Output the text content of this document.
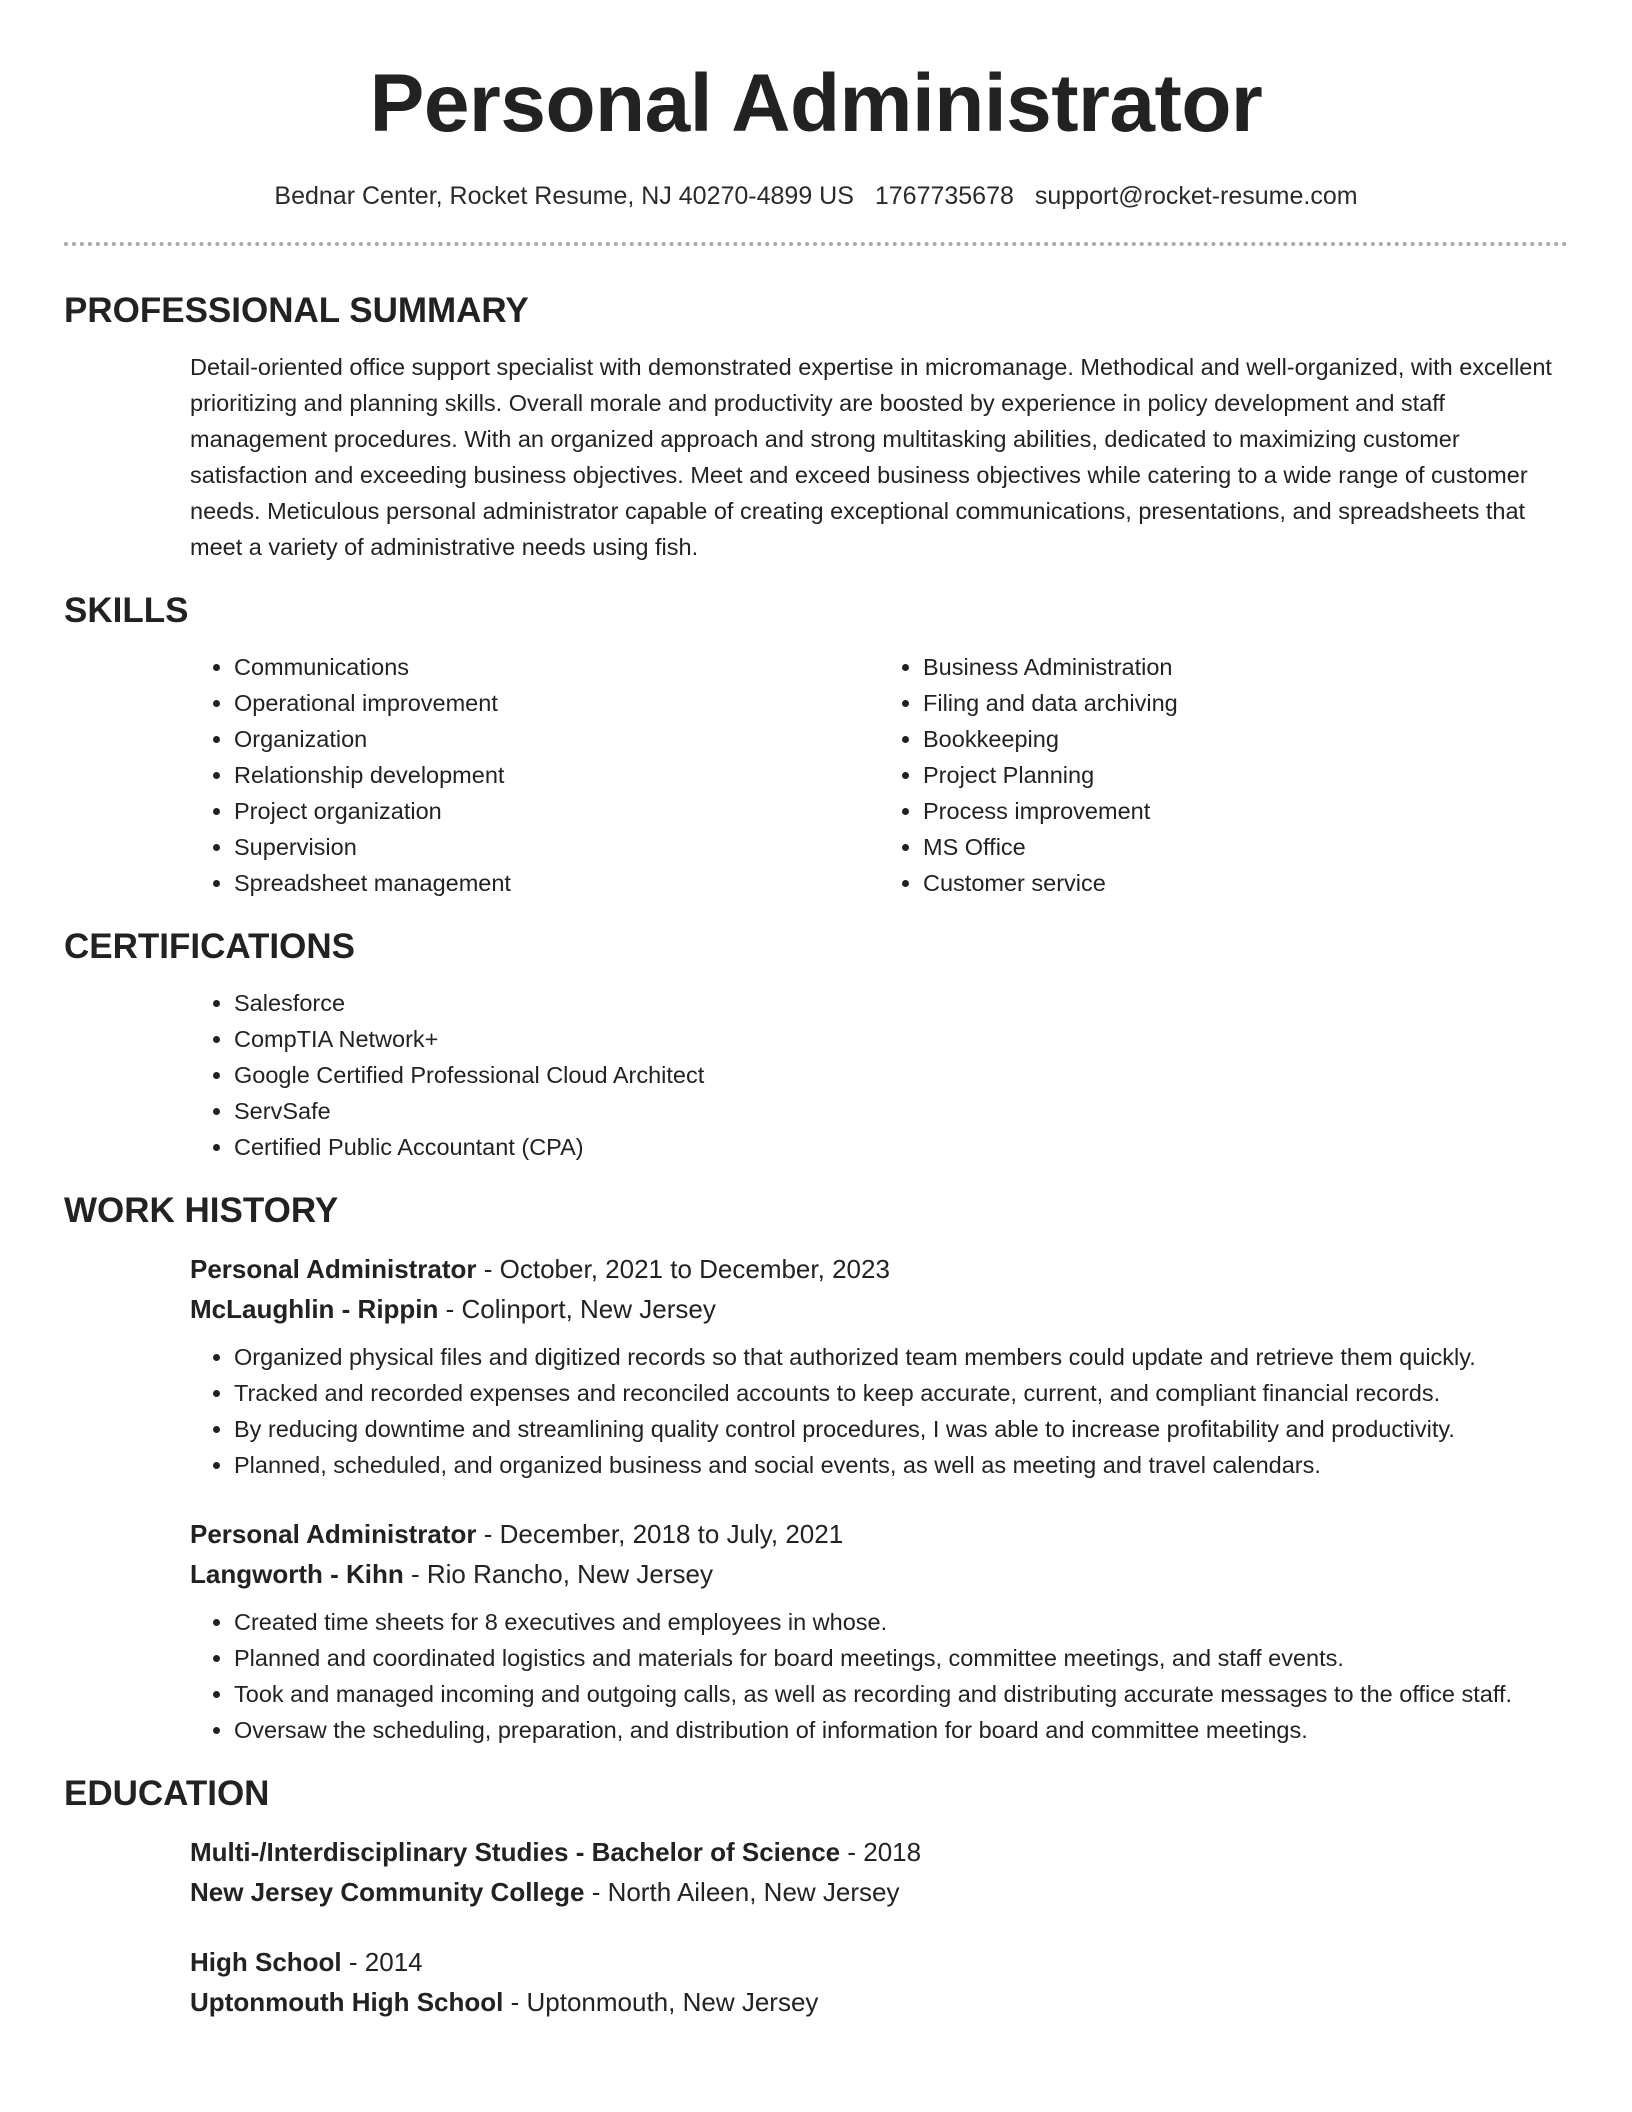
Personal Administrator
Bednar Center, Rocket Resume, NJ 40270-4899 US 1767735678 support@rocket-resume.com
PROFESSIONAL SUMMARY
Detail-oriented office support specialist with demonstrated expertise in micromanage. Methodical and well-organized, with excellent prioritizing and planning skills. Overall morale and productivity are boosted by experience in policy development and staff management procedures. With an organized approach and strong multitasking abilities, dedicated to maximizing customer satisfaction and exceeding business objectives. Meet and exceed business objectives while catering to a wide range of customer needs. Meticulous personal administrator capable of creating exceptional communications, presentations, and spreadsheets that meet a variety of administrative needs using fish.
SKILLS
• Communications
• Operational improvement
• Organization
• Relationship development
• Project organization
• Supervision
• Spreadsheet management
• Business Administration
• Filing and data archiving
• Bookkeeping
• Project Planning
• Process improvement
• MS Office
• Customer service
CERTIFICATIONS
• Salesforce
• CompTIA Network+
• Google Certified Professional Cloud Architect
• ServSafe
• Certified Public Accountant (CPA)
WORK HISTORY
Personal Administrator - October, 2021 to December, 2023
McLaughlin - Rippin - Colinport, New Jersey
• Organized physical files and digitized records so that authorized team members could update and retrieve them quickly.
• Tracked and recorded expenses and reconciled accounts to keep accurate, current, and compliant financial records.
• By reducing downtime and streamlining quality control procedures, I was able to increase profitability and productivity.
• Planned, scheduled, and organized business and social events, as well as meeting and travel calendars.
Personal Administrator - December, 2018 to July, 2021
Langworth - Kihn - Rio Rancho, New Jersey
• Created time sheets for 8 executives and employees in whose.
• Planned and coordinated logistics and materials for board meetings, committee meetings, and staff events.
• Took and managed incoming and outgoing calls, as well as recording and distributing accurate messages to the office staff.
• Oversaw the scheduling, preparation, and distribution of information for board and committee meetings.
EDUCATION
Multi-/Interdisciplinary Studies - Bachelor of Science - 2018
New Jersey Community College - North Aileen, New Jersey
High School - 2014
Uptonmouth High School - Uptonmouth, New Jersey
